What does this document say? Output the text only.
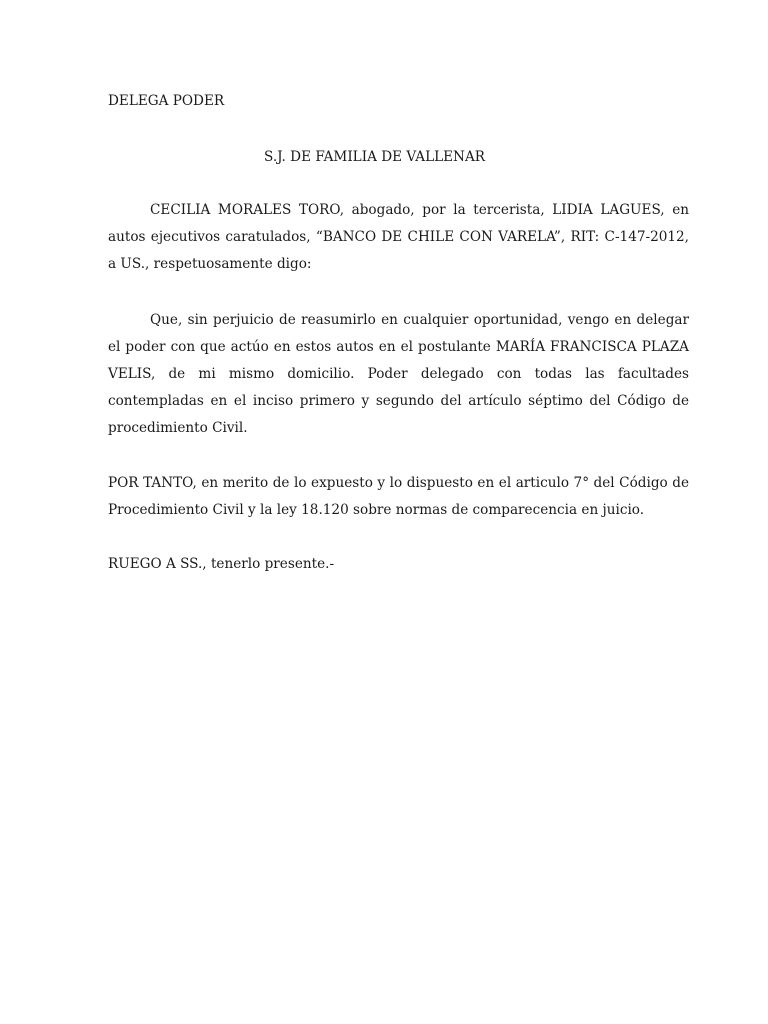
DELEGA PODER

S.J. DE FAMILIA DE VALLENAR

CECILIA MORALES TORO, abogado, por la tercerista, LIDIA LAGUES, en autos ejecutivos caratulados, “BANCO DE CHILE CON VARELA”, RIT: C-147-2012, a US., respetuosamente digo:

Que, sin perjuicio de reasumirlo en cualquier oportunidad, vengo en delegar el poder con que actúo en estos autos en el postulante MARÍA FRANCISCA PLAZA VELIS, de mi mismo domicilio. Poder delegado con todas las facultades contempladas en el inciso primero y segundo del artículo séptimo del Código de procedimiento Civil.

POR TANTO, en merito de lo expuesto y lo dispuesto en el articulo 7° del Código de Procedimiento Civil y la ley 18.120 sobre normas de comparecencia en juicio.

RUEGO A SS., tenerlo presente.-
